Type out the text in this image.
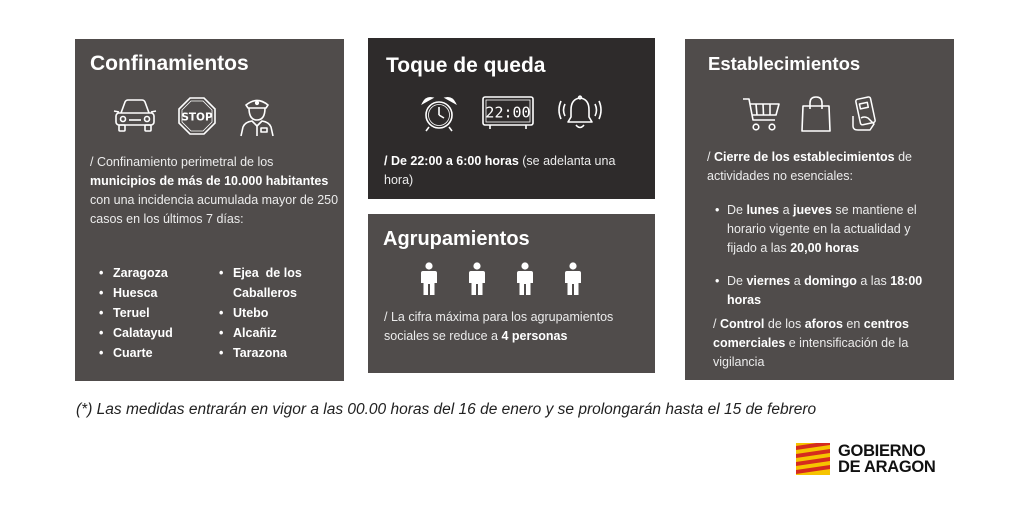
Confinamientos
STOP

/ Confinamiento perimetral de los municipios de más de 10.000 habitantes con una incidencia acumulada mayor de 250 casos en los últimos 7 días:

• Zaragoza
• Huesca
• Teruel
• Calatayud
• Cuarte
• Ejea  de los Caballeros
• Utebo
• Alcañiz
• Tarazona
Toque de queda
22:00

/ De 22:00 a 6:00 horas (se adelanta una hora)

Agrupamientos

/ La cifra máxima para los agrupamientos sociales se reduce a 4 personas

Establecimientos

/ Cierre de los establecimientos de actividades no esenciales:

• De lunes a jueves se mantiene el horario vigente en la actualidad y fijado a las 20,00 horas

• De viernes a domingo a las 18:00 horas

/ Control de los aforos en centros comerciales e intensificación de la vigilancia

(*) Las medidas entrarán en vigor a las 00.00 horas del 16 de enero y se prolongarán hasta el 15 de febrero
GOBIERNO
DE ARAGON
